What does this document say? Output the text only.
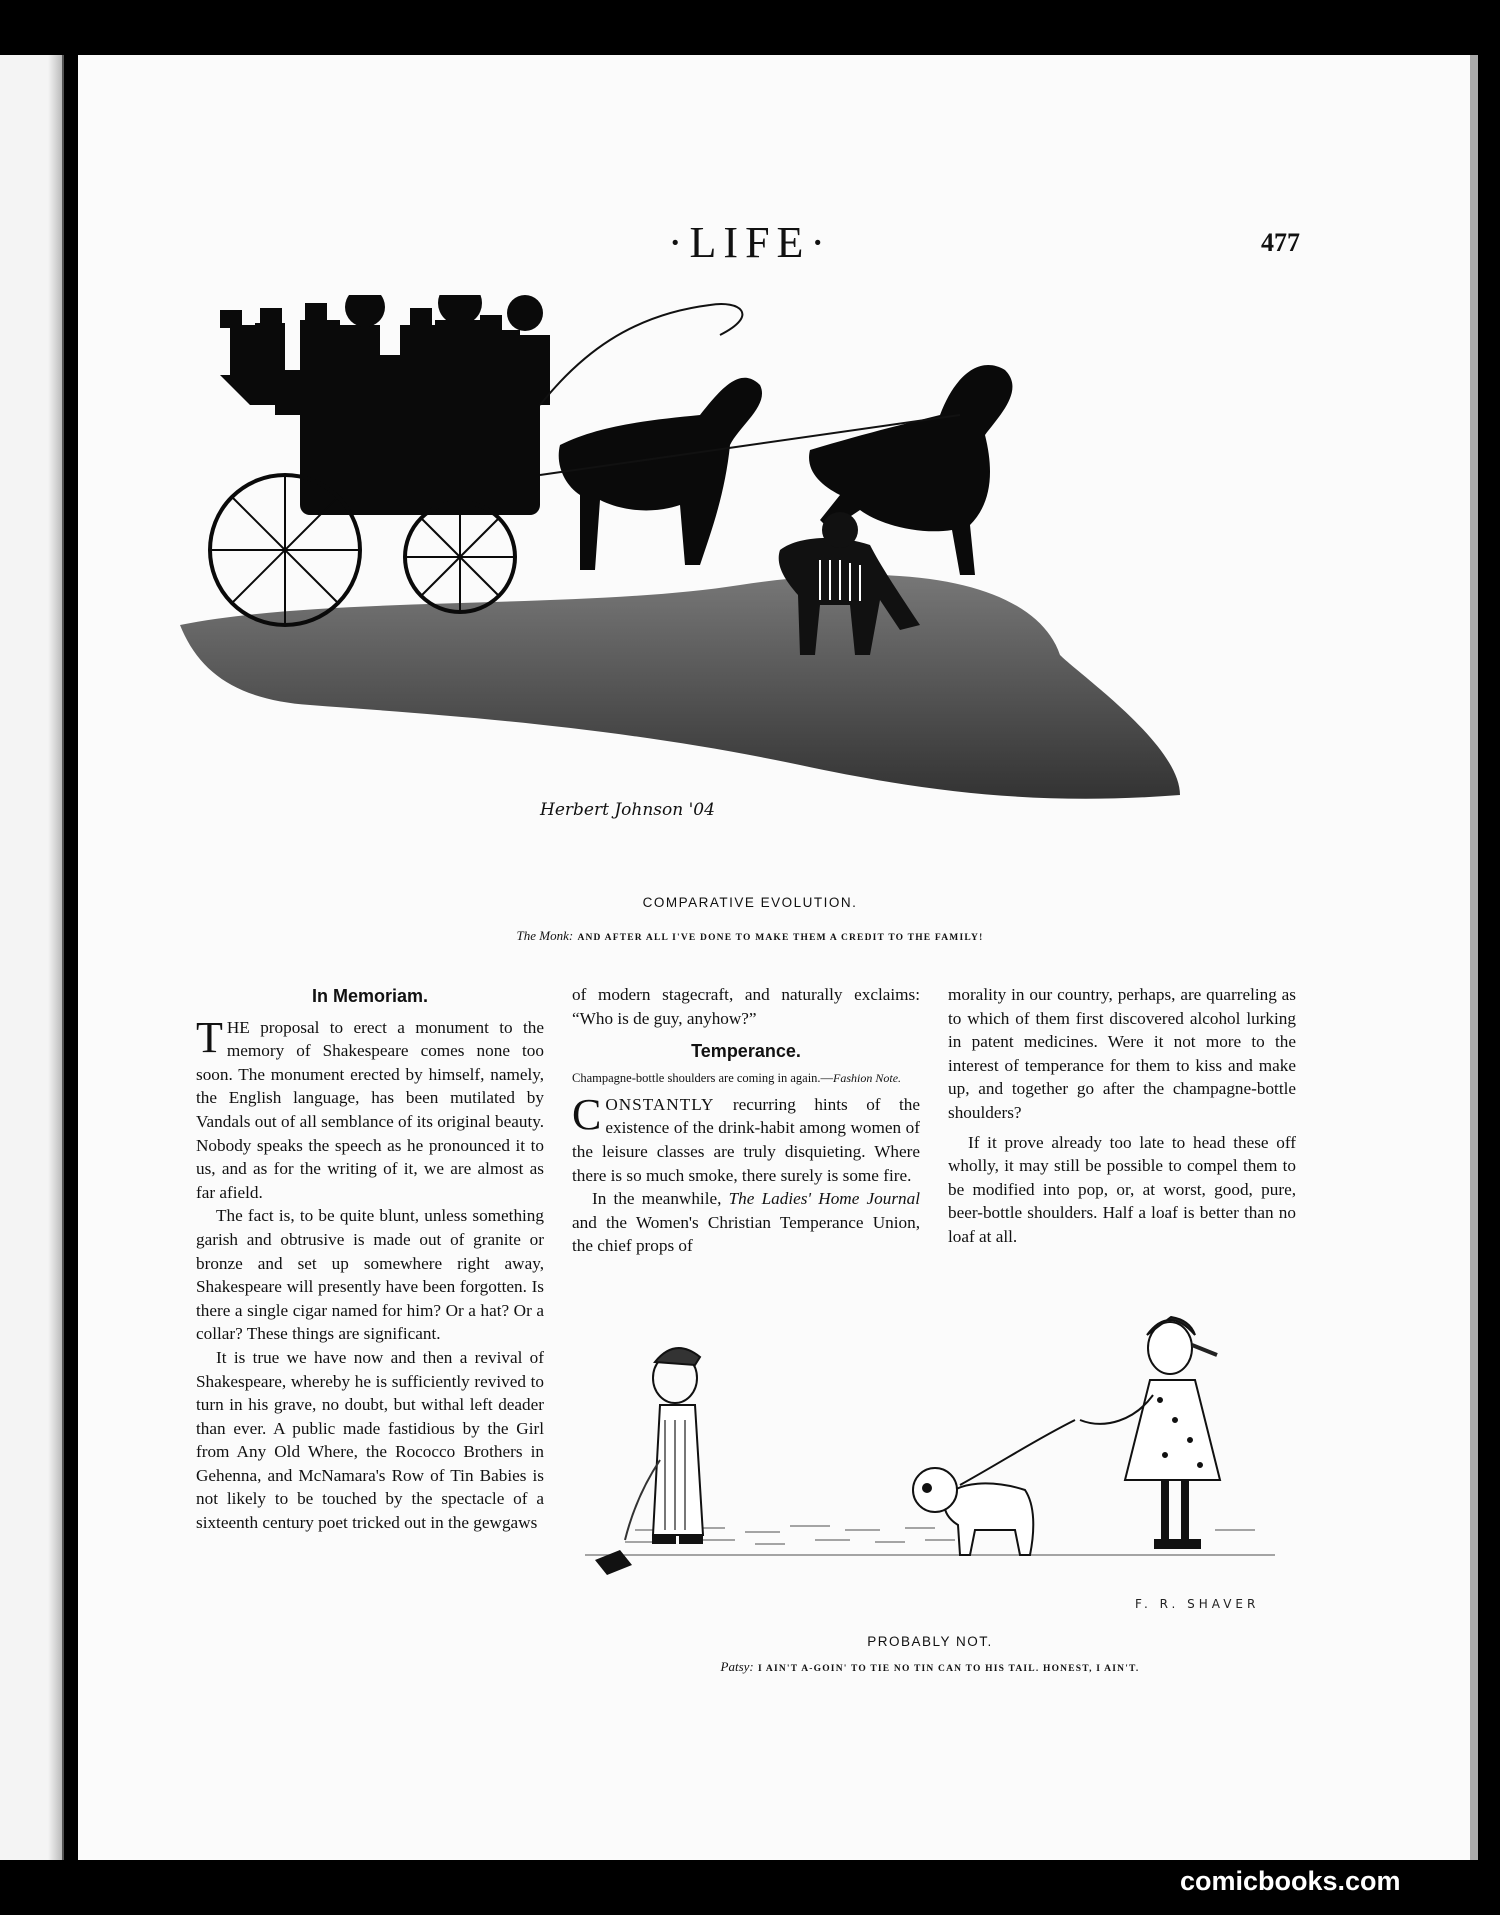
·LIFE·	477
Herbert Johnson '04
COMPARATIVE EVOLUTION.
The Monk: AND AFTER ALL I'VE DONE TO MAKE THEM A CREDIT TO THE FAMILY!
In Memoriam.

THE proposal to erect a monument to the memory of Shakespeare comes none too soon. The monument erected by himself, namely, the English language, has been mutilated by Vandals out of all semblance of its original beauty. Nobody speaks the speech as he pronounced it to us, and as for the writing of it, we are almost as far afield.

The fact is, to be quite blunt, unless something garish and obtrusive is made out of granite or bronze and set up somewhere right away, Shakespeare will presently have been forgotten. Is there a single cigar named for him? Or a hat? Or a collar? These things are significant.

It is true we have now and then a revival of Shakespeare, whereby he is sufficiently revived to turn in his grave, no doubt, but withal left deader than ever. A public made fastidious by the Girl from Any Old Where, the Rococco Brothers in Gehenna, and McNamara's Row of Tin Babies is not likely to be touched by the spectacle of a sixteenth century poet tricked out in the gewgaws

of modern stagecraft, and naturally exclaims: “Who is de guy, anyhow?”

Temperance.
Champagne-bottle shoulders are coming in again.—Fashion Note.

CONSTANTLY recurring hints of the existence of the drink-habit among women of the leisure classes are truly disquieting. Where there is so much smoke, there surely is some fire.

In the meanwhile, The Ladies' Home Journal and the Women's Christian Temperance Union, the chief props of

morality in our country, perhaps, are quarreling as to which of them first discovered alcohol lurking in patent medicines. Were it not more to the interest of temperance for them to kiss and make up, and together go after the champagne-bottle shoulders?

If it prove already too late to head these off wholly, it may still be possible to compel them to be modified into pop, or, at worst, good, pure, beer-bottle shoulders. Half a loaf is better than no loaf at all.

F. R. SHAVER
PROBABLY NOT.
Patsy: I AIN'T A-GOIN' TO TIE NO TIN CAN TO HIS TAIL. HONEST, I AIN'T.
comicbooks.com
